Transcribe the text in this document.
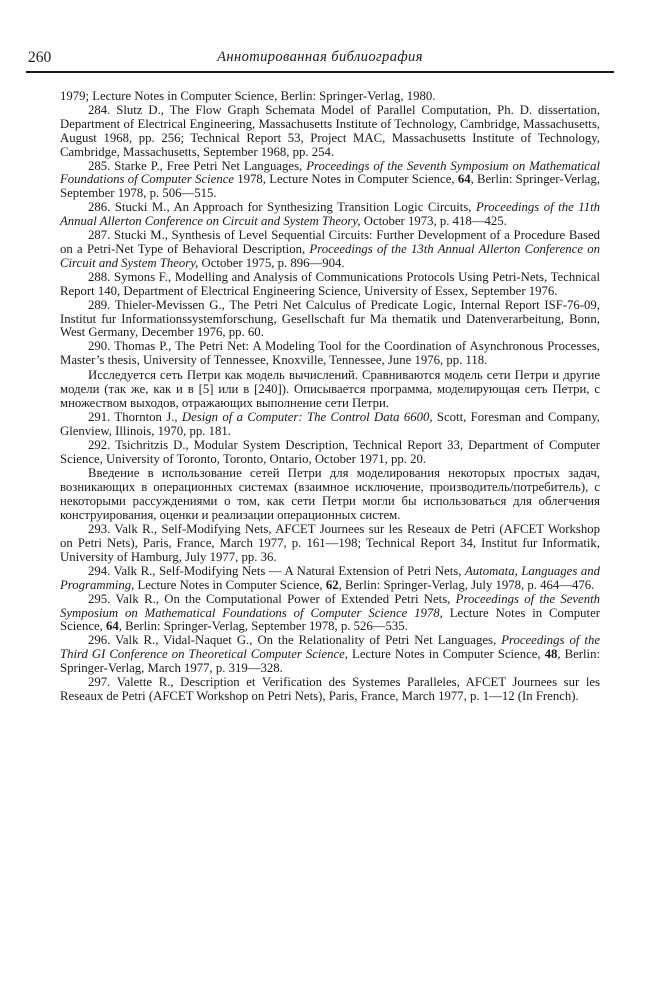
260	Аннотированная библиография

1979; Lecture Notes in Computer Science, Berlin: Springer-Verlag, 1980.

284. Slutz D., The Flow Graph Schemata Model of Parallel Computation, Ph. D. dissertation, Department of Electrical Engineering, Massachusetts Institute of Technology, Cambridge, Massachusetts, August 1968, pp. 256; Technical Report 53, Project MAC, Massachusetts Institute of Technology, Cambridge, Massachusetts, September 1968, pp. 254.

285. Starke P., Free Petri Net Languages, Proceedings of the Seventh Symposium on Mathematical Foundations of Computer Science 1978, Lecture Notes in Computer Science, 64, Berlin: Springer-Verlag, September 1978, p. 506—515.

286. Stucki M., An Approach for Synthesizing Transition Logic Circuits, Proceedings of the 11th Annual Allerton Conference on Circuit and System Theory, October 1973, p. 418—425.

287. Stucki M., Synthesis of Level Sequential Circuits: Further Development of a Procedure Based on a Petri-Net Type of Behavioral Description, Proceedings of the 13th Annual Allerton Conference on Circuit and System Theory, October 1975, p. 896—904.

288. Symons F., Modelling and Analysis of Communications Protocols Using Petri-Nets, Technical Report 140, Department of Electrical Engineering Science, University of Essex, September 1976.

289. Thieler-Mevissen G., The Petri Net Calculus of Predicate Logic, Internal Report ISF-76-09, Institut fur Informationssystemforschung, Gesellschaft fur Ma thematik und Datenverarbeitung, Bonn, West Germany, December 1976, pp. 60.

290. Thomas P., The Petri Net: A Modeling Tool for the Coordination of Asynchronous Processes, Master’s thesis, University of Tennessee, Knoxville, Tennessee, June 1976, pp. 118.

Исследуется сеть Петри как модель вычислений. Сравниваются модель сети Петри и другие модели (так же, как и в [5] или в [240]). Описывается программа, моделирующая сеть Петри, с множеством выходов, отражающих выполнение сети Петри.

291. Thornton J., Design of a Computer: The Control Data 6600, Scott, Foresman and Company, Glenview, Illinois, 1970, pp. 181.

292. Tsichritzis D., Modular System Description, Technical Report 33, Department of Computer Science, University of Toronto, Toronto, Ontario, October 1971, pp. 20.

Введение в использование сетей Петри для моделирования некоторых простых задач, возникающих в операционных системах (взаимное исключение, производитель/потребитель), с некоторыми рассуждениями о том, как сети Петри могли бы использоваться для облегчения конструирования, оценки и реализации операционных систем.

293. Valk R., Self-Modifying Nets, AFCET Journees sur les Reseaux de Petri (AFCET Workshop on Petri Nets), Paris, France, March 1977, p. 161—198; Technical Report 34, Institut fur Informatik, University of Hamburg, July 1977, pp. 36.

294. Valk R., Self-Modifying Nets — A Natural Extension of Petri Nets, Automata, Languages and Programming, Lecture Notes in Computer Science, 62, Berlin: Springer-Verlag, July 1978, p. 464—476.

295. Valk R., On the Computational Power of Extended Petri Nets, Proceedings of the Seventh Symposium on Mathematical Foundations of Computer Science 1978, Lecture Notes in Computer Science, 64, Berlin: Springer-Verlag, September 1978, p. 526—535.

296. Valk R., Vidal-Naquet G., On the Relationality of Petri Net Languages, Proceedings of the Third GI Conference on Theoretical Computer Science, Lecture Notes in Computer Science, 48, Berlin: Springer-Verlag, March 1977, p. 319—328.

297. Valette R., Description et Verification des Systemes Paralleles, AFCET Journees sur les Reseaux de Petri (AFCET Workshop on Petri Nets), Paris, France, March 1977, p. 1—12 (In French).
